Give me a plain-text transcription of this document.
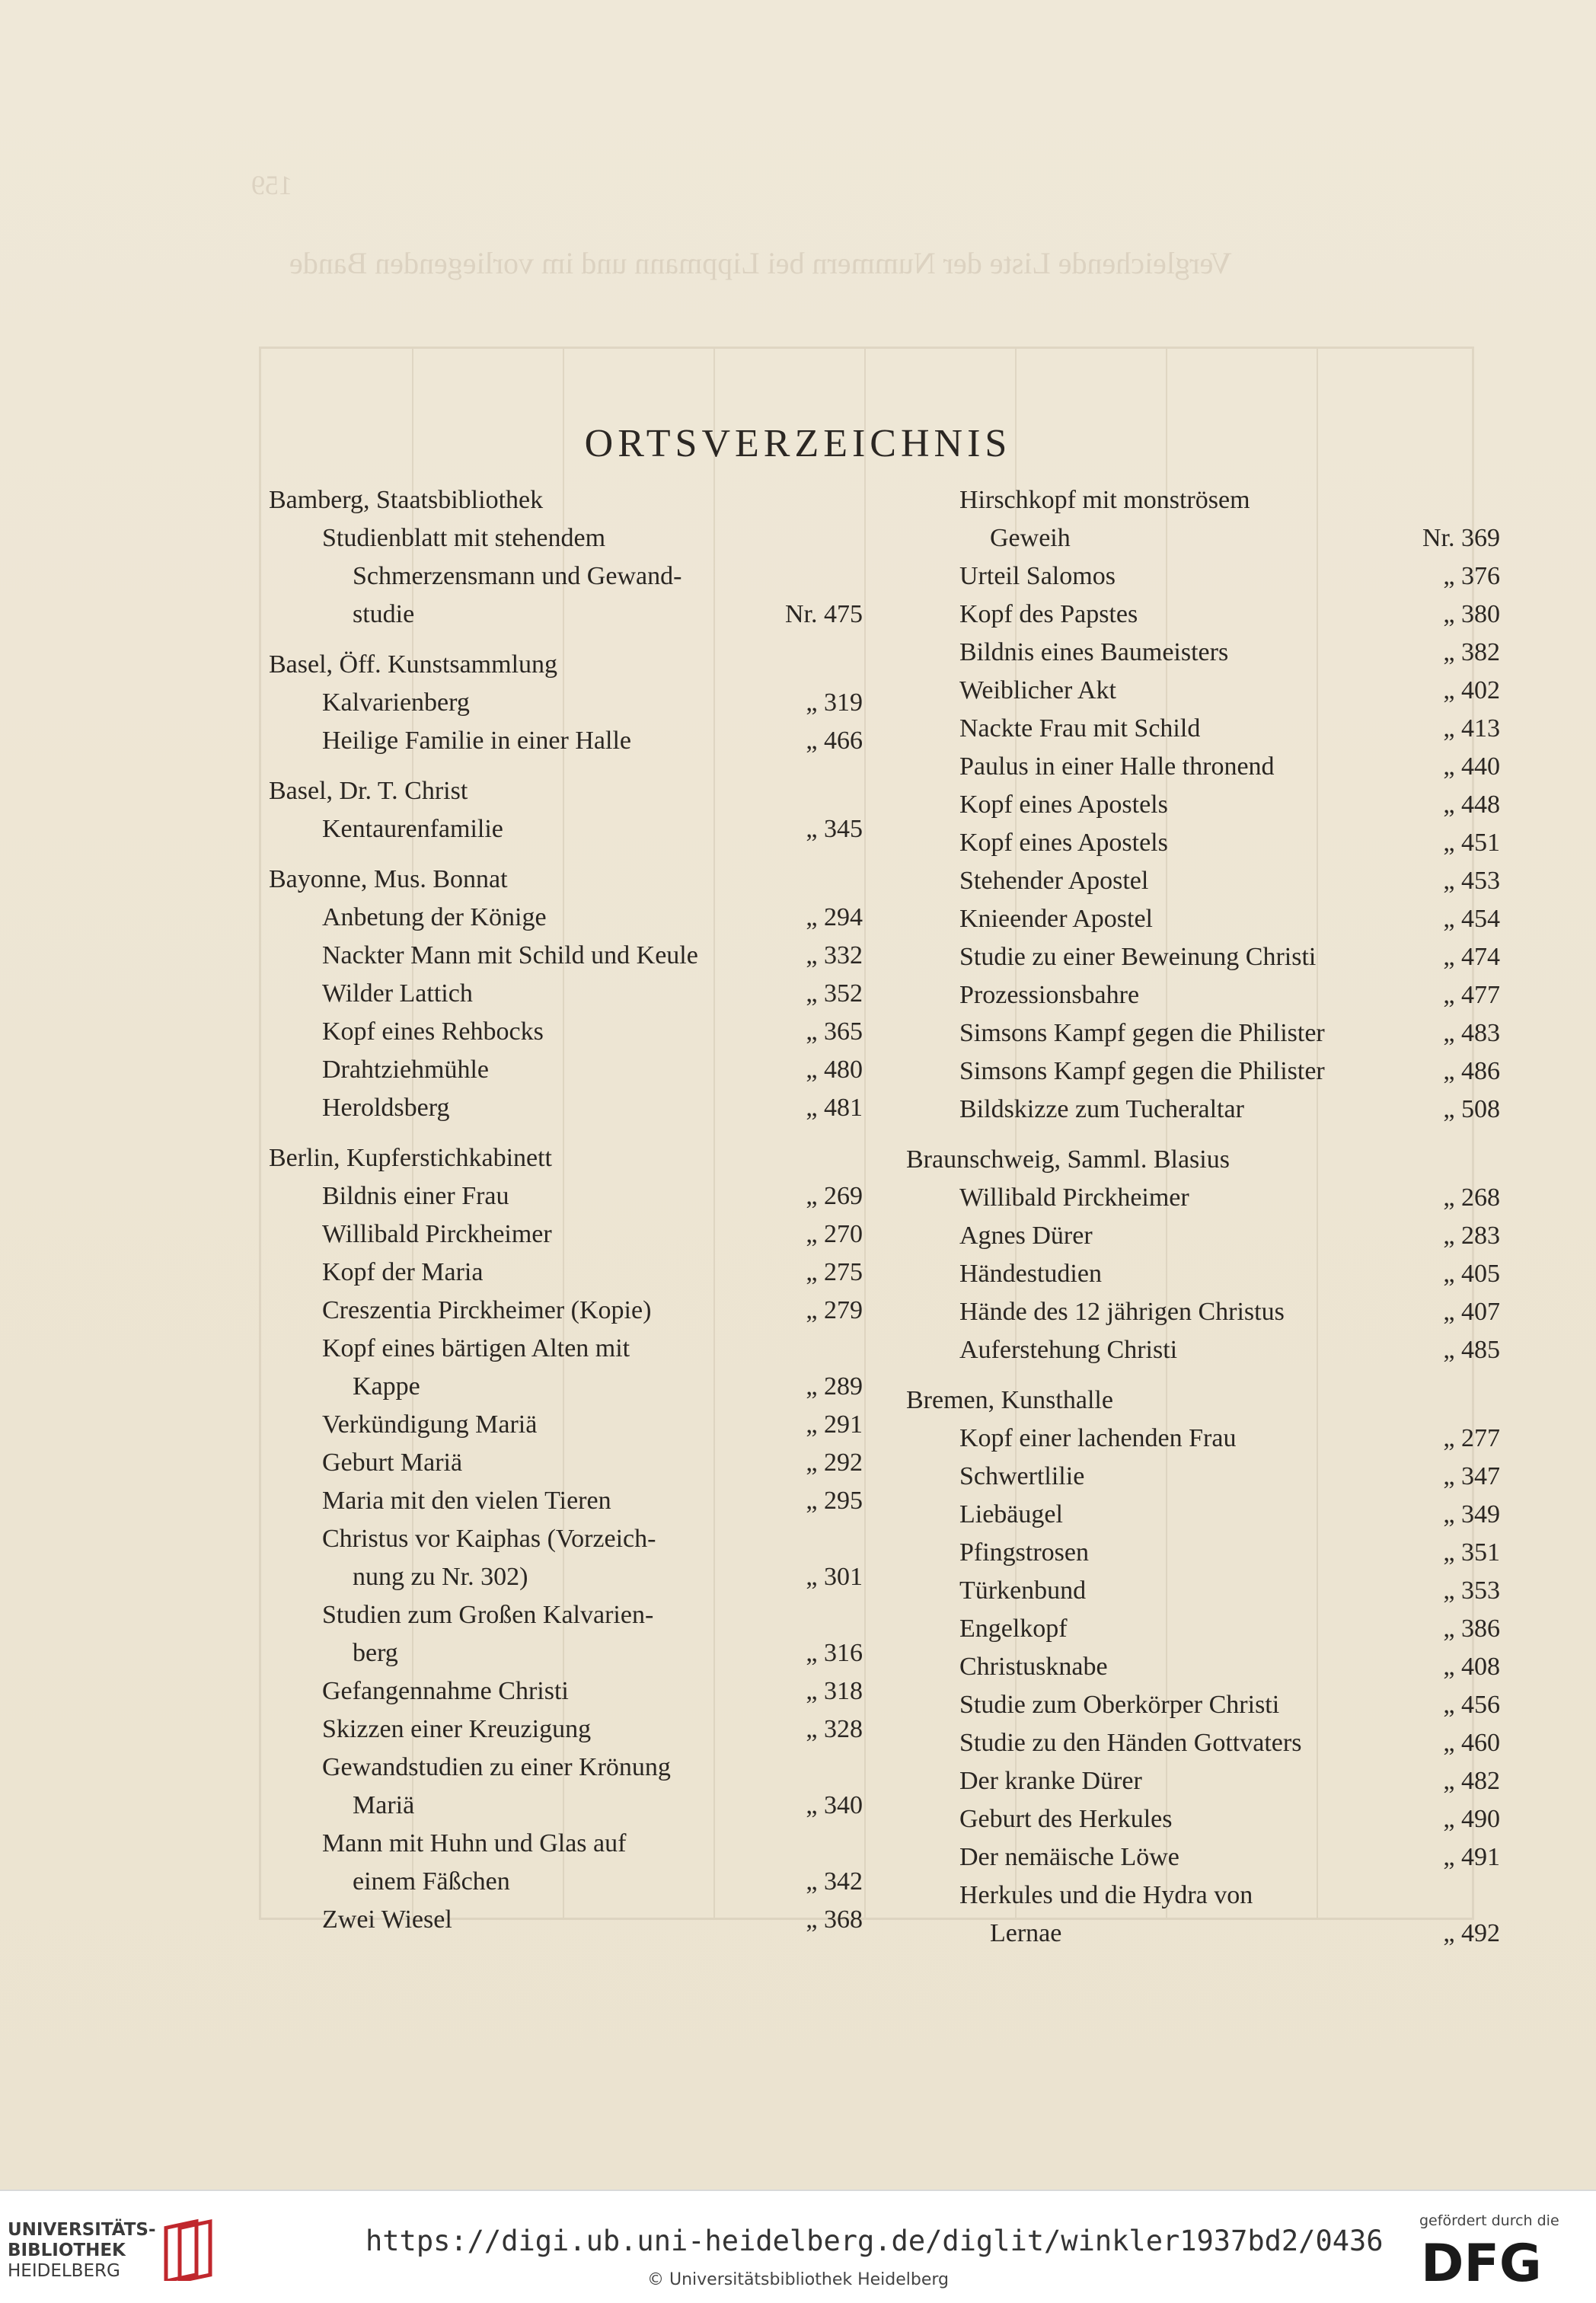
159
Vergleichende Liste der Nummern bei Lippmann und im vorliegenden Bande
ORTSVERZEICHNIS
Bamberg, Staatsbibliothek
Studienblatt mit stehendem
Schmerzensmann und Gewand-
studie	Nr. 475
Basel, Öff. Kunstsammlung
Kalvarienberg	„ 319
Heilige Familie in einer Halle	„ 466
Basel, Dr. T. Christ
Kentaurenfamilie	„ 345
Bayonne, Mus. Bonnat
Anbetung der Könige	„ 294
Nackter Mann mit Schild und Keule	„ 332
Wilder Lattich	„ 352
Kopf eines Rehbocks	„ 365
Drahtziehmühle	„ 480
Heroldsberg	„ 481
Berlin, Kupferstichkabinett
Bildnis einer Frau	„ 269
Willibald Pirckheimer	„ 270
Kopf der Maria	„ 275
Creszentia Pirckheimer (Kopie)	„ 279
Kopf eines bärtigen Alten mit
Kappe	„ 289
Verkündigung Mariä	„ 291
Geburt Mariä	„ 292
Maria mit den vielen Tieren	„ 295
Christus vor Kaiphas (Vorzeich-
nung zu Nr. 302)	„ 301
Studien zum Großen Kalvarien-
berg	„ 316
Gefangennahme Christi	„ 318
Skizzen einer Kreuzigung	„ 328
Gewandstudien zu einer Krönung
Mariä	„ 340
Mann mit Huhn und Glas auf
einem Fäßchen	„ 342
Zwei Wiesel	„ 368
Hirschkopf mit monströsem
Geweih	Nr. 369
Urteil Salomos	„ 376
Kopf des Papstes	„ 380
Bildnis eines Baumeisters	„ 382
Weiblicher Akt	„ 402
Nackte Frau mit Schild	„ 413
Paulus in einer Halle thronend	„ 440
Kopf eines Apostels	„ 448
Kopf eines Apostels	„ 451
Stehender Apostel	„ 453
Knieender Apostel	„ 454
Studie zu einer Beweinung Christi	„ 474
Prozessionsbahre	„ 477
Simsons Kampf gegen die Philister	„ 483
Simsons Kampf gegen die Philister	„ 486
Bildskizze zum Tucheraltar	„ 508
Braunschweig, Samml. Blasius
Willibald Pirckheimer	„ 268
Agnes Dürer	„ 283
Händestudien	„ 405
Hände des 12 jährigen Christus	„ 407
Auferstehung Christi	„ 485
Bremen, Kunsthalle
Kopf einer lachenden Frau	„ 277
Schwertlilie	„ 347
Liebäugel	„ 349
Pfingstrosen	„ 351
Türkenbund	„ 353
Engelkopf	„ 386
Christusknabe	„ 408
Studie zum Oberkörper Christi	„ 456
Studie zu den Händen Gottvaters	„ 460
Der kranke Dürer	„ 482
Geburt des Herkules	„ 490
Der nemäische Löwe	„ 491
Herkules und die Hydra von
Lernae	„ 492
UNIVERSITÄTS-
BIBLIOTHEK
HEIDELBERG
https://digi.ub.uni-heidelberg.de/diglit/winkler1937bd2/0436
© Universitätsbibliothek Heidelberg
gefördert durch die
DFG
